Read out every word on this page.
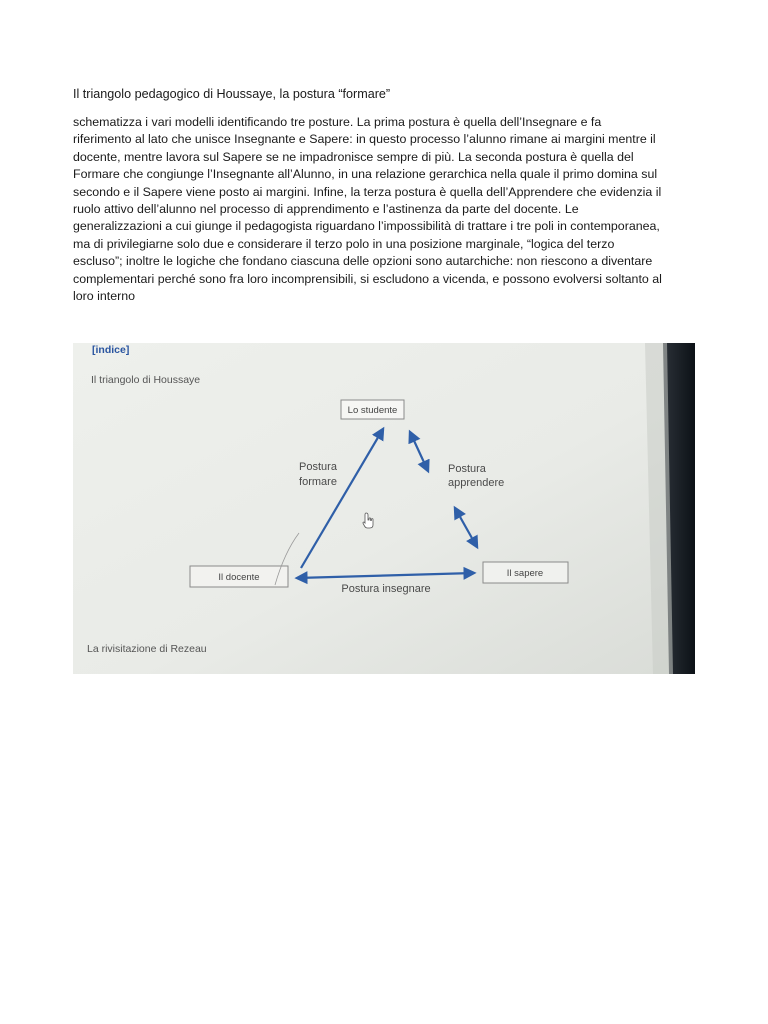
Il triangolo pedagogico di Houssaye, la postura “formare”
schematizza i vari modelli identificando tre posture. La prima postura è quella dell’Insegnare e fa
riferimento al lato che unisce Insegnante e Sapere: in questo processo l’alunno rimane ai margini mentre il
docente, mentre lavora sul Sapere se ne impadronisce sempre di più. La seconda postura è quella del
Formare che congiunge l’Insegnante all’Alunno, in una relazione gerarchica nella quale il primo domina sul
secondo e il Sapere viene posto ai margini. Infine, la terza postura è quella dell’Apprendere che evidenzia il
ruolo attivo dell’alunno nel processo di apprendimento e l’astinenza da parte del docente. Le
generalizzazioni a cui giunge il pedagogista riguardano l’impossibilità di trattare i tre poli in contemporanea,
ma di privilegiarne solo due e considerare il terzo polo in una posizione marginale, “logica del terzo
escluso”; inoltre le logiche che fondano ciascuna delle opzioni sono autarchiche: non riescono a diventare
complementari perché sono fra loro incomprensibili, si escludono a vicenda, e possono evolversi soltanto al
loro interno
[indice]
Il triangolo di Houssaye
Lo studente
Il docente	Il sapere
Postura
formare
Postura
apprendere
Postura insegnare
La rivisitazione di Rezeau
